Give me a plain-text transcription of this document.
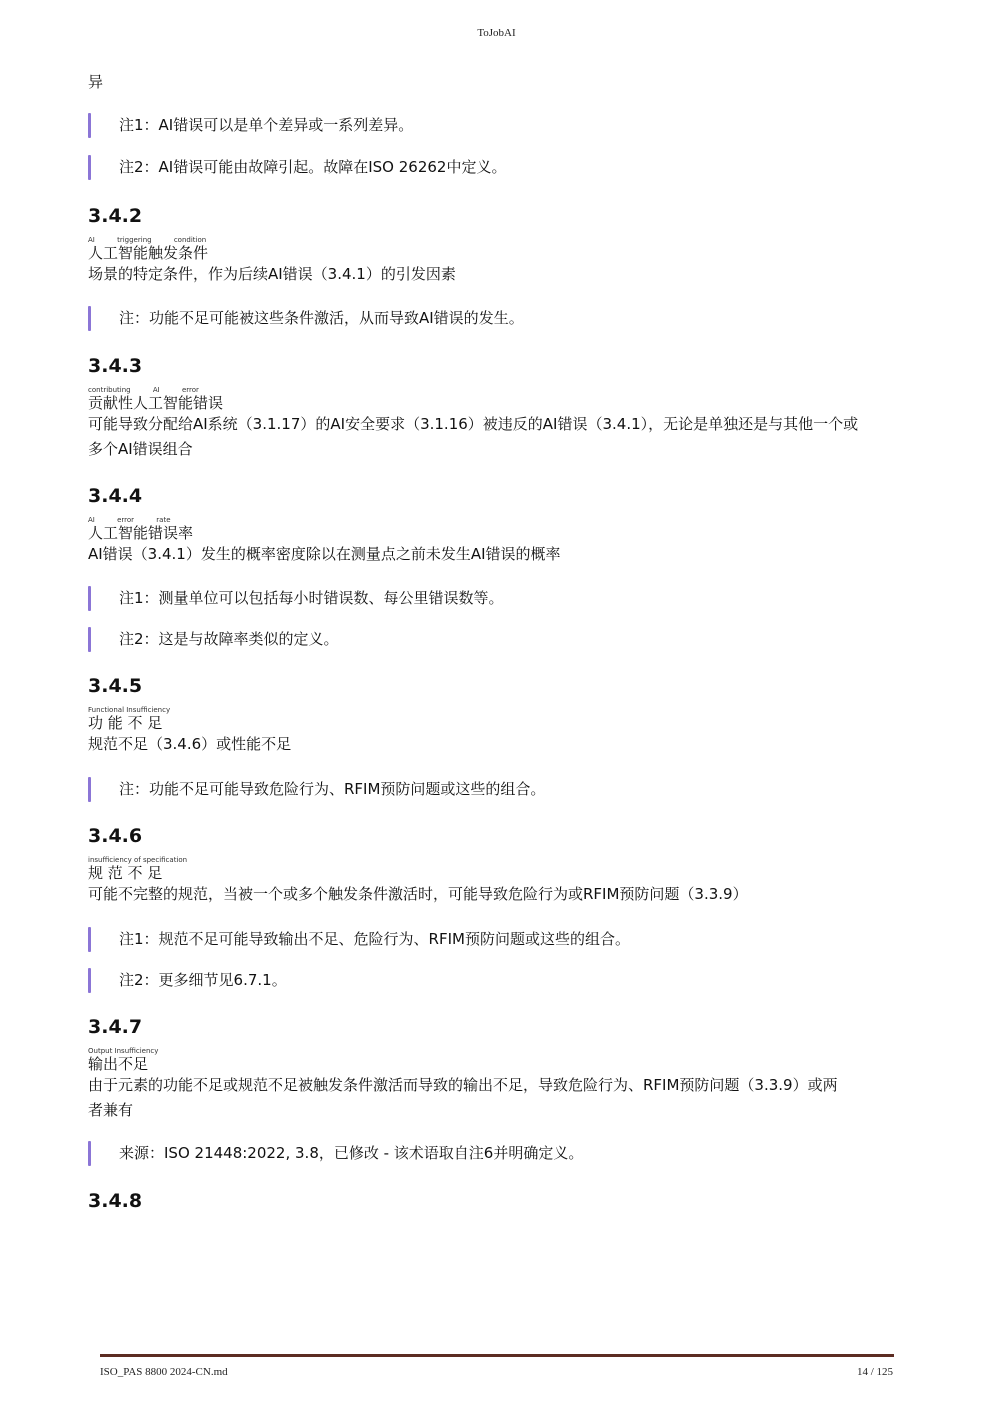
ToJobAI

异

注1：AI错误可以是单个差异或一系列差异。

注2：AI错误可能由故障引起。故障在ISO 26262中定义。

3.4.2

AI          triggering          condition

人工智能触发条件

场景的特定条件，作为后续AI错误（3.4.1）的引发因素

注：功能不足可能被这些条件激活，从而导致AI错误的发生。

3.4.3

contributing          AI          error

贡献性人工智能错误

可能导致分配给AI系统（3.1.17）的AI安全要求（3.1.16）被违反的AI错误（3.4.1），无论是单独还是与其他一个或

多个AI错误组合

3.4.4

AI          error          rate

人工智能错误率

AI错误（3.4.1）发生的概率密度除以在测量点之前未发生AI错误的概率

注1：测量单位可以包括每小时错误数、每公里错误数等。

注2：这是与故障率类似的定义。

3.4.5

Functional Insufficiency

功 能 不 足

规范不足（3.4.6）或性能不足

注：功能不足可能导致危险行为、RFIM预防问题或这些的组合。

3.4.6

insufficiency of specification

规 范 不 足

可能不完整的规范，当被一个或多个触发条件激活时，可能导致危险行为或RFIM预防问题（3.3.9）

注1：规范不足可能导致输出不足、危险行为、RFIM预防问题或这些的组合。

注2：更多细节见6.7.1。

3.4.7

Output Insufficiency

输出不足

由于元素的功能不足或规范不足被触发条件激活而导致的输出不足，导致危险行为、RFIM预防问题（3.3.9）或两

者兼有

来源：ISO 21448:2022, 3.8，已修改 - 该术语取自注6并明确定义。

3.4.8

ISO_PAS 8800 2024-CN.md	14 / 125
